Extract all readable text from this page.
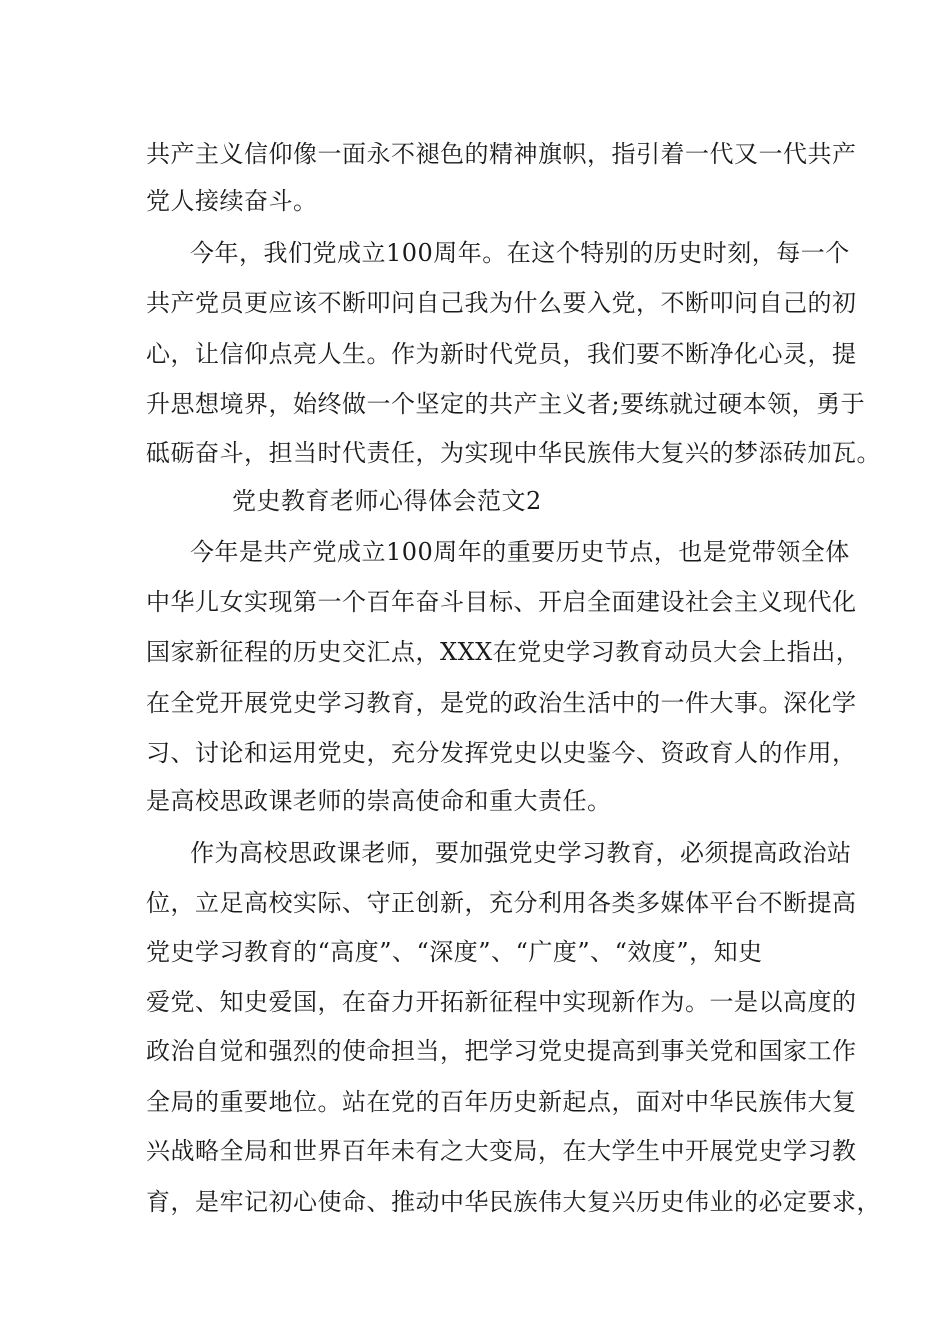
共产主义信仰像一面永不褪色的精神旗帜，指引着一代又一代共产
党人接续奋斗。
今年，我们党成立100周年。在这个特别的历史时刻，每一个
共产党员更应该不断叩问自己我为什么要入党，不断叩问自己的初
心，让信仰点亮人生。作为新时代党员，我们要不断净化心灵，提
升思想境界，始终做一个坚定的共产主义者;要练就过硬本领，勇于
砥砺奋斗，担当时代责任，为实现中华民族伟大复兴的梦添砖加瓦。
党史教育老师心得体会范文2
今年是共产党成立100周年的重要历史节点，也是党带领全体
中华儿女实现第一个百年奋斗目标、开启全面建设社会主义现代化
国家新征程的历史交汇点，XXX在党史学习教育动员大会上指出，
在全党开展党史学习教育，是党的政治生活中的一件大事。深化学
习、讨论和运用党史，充分发挥党史以史鉴今、资政育人的作用，
是高校思政课老师的崇高使命和重大责任。
作为高校思政课老师，要加强党史学习教育，必须提高政治站
位，立足高校实际、守正创新，充分利用各类多媒体平台不断提高
党史学习教育的“高度”、“深度”、“广度”、“效度”，知史
爱党、知史爱国，在奋力开拓新征程中实现新作为。一是以高度的
政治自觉和强烈的使命担当，把学习党史提高到事关党和国家工作
全局的重要地位。站在党的百年历史新起点，面对中华民族伟大复
兴战略全局和世界百年未有之大变局，在大学生中开展党史学习教
育，是牢记初心使命、推动中华民族伟大复兴历史伟业的必定要求，
